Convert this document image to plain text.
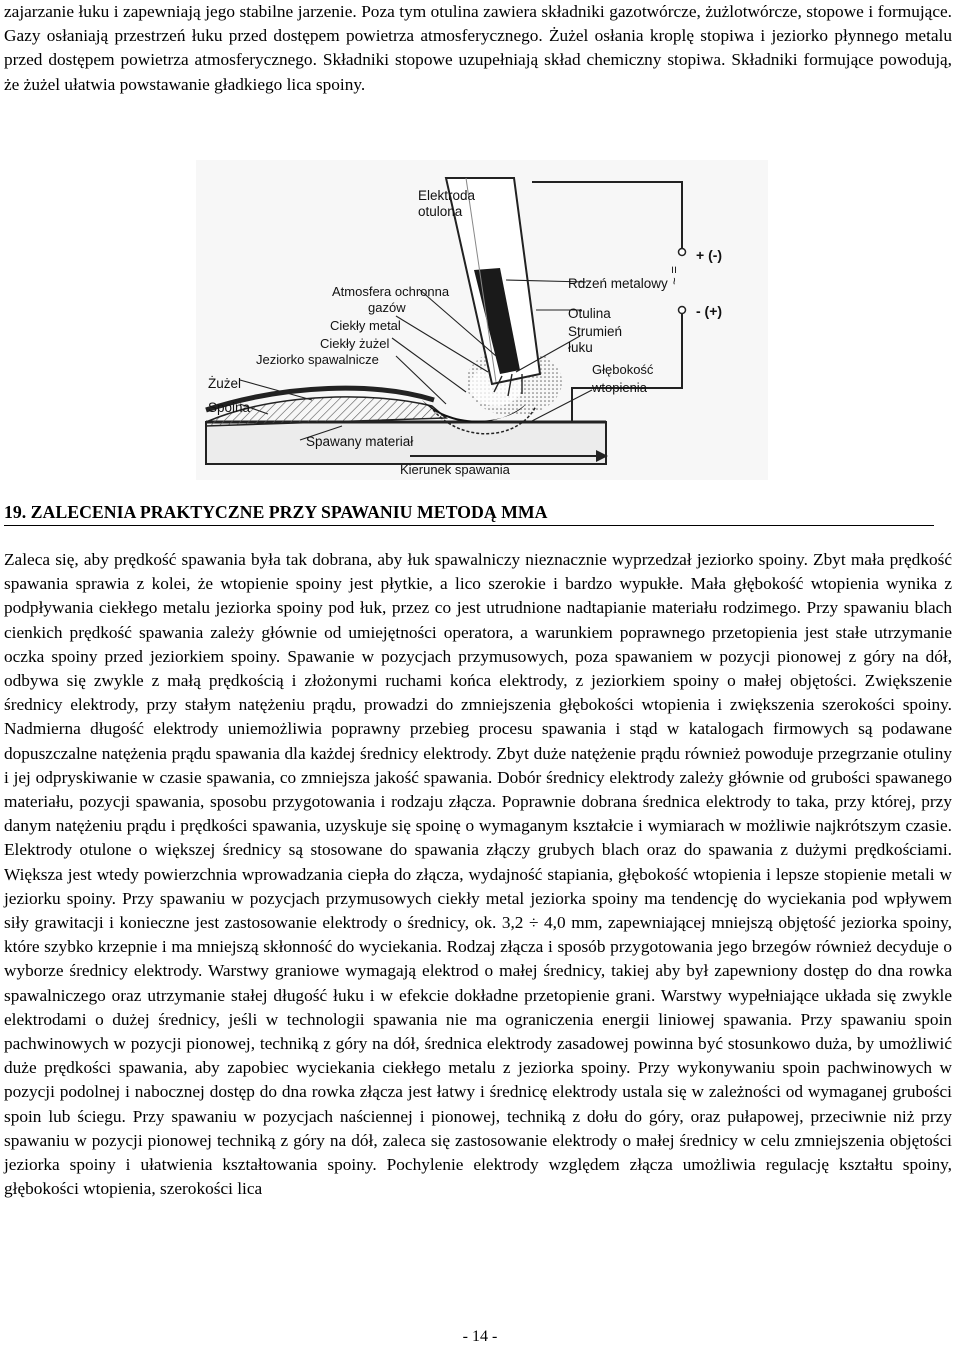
zajarzanie łuku i zapewniają jego stabilne jarzenie. Poza tym otulina zawiera składniki gazotwórcze, żużlotwórcze, stopowe i formujące. Gazy osłaniają przestrzeń łuku przed dostępem powietrza atmosferycznego. Żużel osłania kroplę stopiwa i jeziorko płynnego metalu przed dostępem powietrza atmosferycznego. Składniki stopowe uzupełniają skład chemiczny stopiwa. Składniki formujące powodują, że żużel ułatwia powstawanie gładkiego lica spoiny.

Elektroda
otulona
+ (-)
- (+)
= ~
Rdzeń metalowy
Atmosfera ochronna
gazów
Ciekły metal
Ciekły żużel
Jeziorko spawalnicze
Otulina
Strumień
łuku
Głębokość
wtopienia
Żużel
Spoina
Spawany materiał
Kierunek spawania
19. ZALECENIA PRAKTYCZNE PRZY SPAWANIU METODĄ MMA

Zaleca się, aby prędkość spawania była tak dobrana, aby łuk spawalniczy nieznacznie wyprzedzał jeziorko spoiny. Zbyt mała prędkość spawania sprawia z kolei, że wtopienie spoiny jest płytkie, a lico szerokie i bardzo wypukłe. Mała głębokość wtopienia wynika z podpływania ciekłego metalu jeziorka spoiny pod łuk, przez co jest utrudnione nadtapianie materiału rodzimego. Przy spawaniu blach cienkich prędkość spawania zależy głównie od umiejętności operatora, a warunkiem poprawnego przetopienia jest stałe utrzymanie oczka spoiny przed jeziorkiem spoiny. Spawanie w pozycjach przymusowych, poza spawaniem w pozycji pionowej z góry na dół, odbywa się zwykle z małą prędkością i złożonymi ruchami końca elektrody, z jeziorkiem spoiny o małej objętości. Zwiększenie średnicy elektrody, przy stałym natężeniu prądu, prowadzi do zmniejszenia głębokości wtopienia i zwiększenia szerokości spoiny. Nadmierna długość elektrody uniemożliwia poprawny przebieg procesu spawania i stąd w katalogach firmowych są podawane dopuszczalne natężenia prądu spawania dla każdej średnicy elektrody. Zbyt duże natężenie prądu również powoduje przegrzanie otuliny i jej odpryskiwanie w czasie spawania, co zmniejsza jakość spawania. Dobór średnicy elektrody zależy głównie od grubości spawanego materiału, pozycji spawania, sposobu przygotowania i rodzaju złącza. Poprawnie dobrana średnica elektrody to taka, przy której, przy danym natężeniu prądu i prędkości spawania, uzyskuje się spoinę o wymaganym kształcie i wymiarach w możliwie najkrótszym czasie. Elektrody otulone o większej średnicy są stosowane do spawania złączy grubych blach oraz do spawania z dużymi prędkościami. Większa jest wtedy powierzchnia wprowadzania ciepła do złącza, wydajność stapiania, głębokość wtopienia i lepsze stopienie metali w jeziorku spoiny. Przy spawaniu w pozycjach przymusowych ciekły metal jeziorka spoiny ma tendencję do wyciekania pod wpływem siły grawitacji i konieczne jest zastosowanie elektrody o średnicy, ok. 3,2 ÷ 4,0 mm, zapewniającej mniejszą objętość jeziorka spoiny, które szybko krzepnie i ma mniejszą skłonność do wyciekania. Rodzaj złącza i sposób przygotowania jego brzegów również decyduje o wyborze średnicy elektrody. Warstwy graniowe wymagają elektrod o małej średnicy, takiej aby był zapewniony dostęp do dna rowka spawalniczego oraz utrzymanie stałej długość łuku i w efekcie dokładne przetopienie grani. Warstwy wypełniające układa się zwykle elektrodami o dużej średnicy, jeśli w technologii spawania nie ma ograniczenia energii liniowej spawania. Przy spawaniu spoin pachwinowych w pozycji pionowej, techniką z góry na dół, średnica elektrody zasadowej powinna być stosunkowo duża, by umożliwić duże prędkości spawania, aby zapobiec wyciekania ciekłego metalu z jeziorka spoiny. Przy wykonywaniu spoin pachwinowych w pozycji podolnej i nabocznej dostęp do dna rowka złącza jest łatwy i średnicę elektrody ustala się w zależności od wymaganej grubości spoin lub ściegu. Przy spawaniu w pozycjach naściennej i pionowej, techniką z dołu do góry, oraz pułapowej, przeciwnie niż przy spawaniu w pozycji pionowej techniką z góry na dół, zaleca się zastosowanie elektrody o małej średnicy w celu zmniejszenia objętości jeziorka spoiny i ułatwienia kształtowania spoiny. Pochylenie elektrody względem złącza umożliwia regulację kształtu spoiny, głębokości wtopienia, szerokości lica

- 14 -
